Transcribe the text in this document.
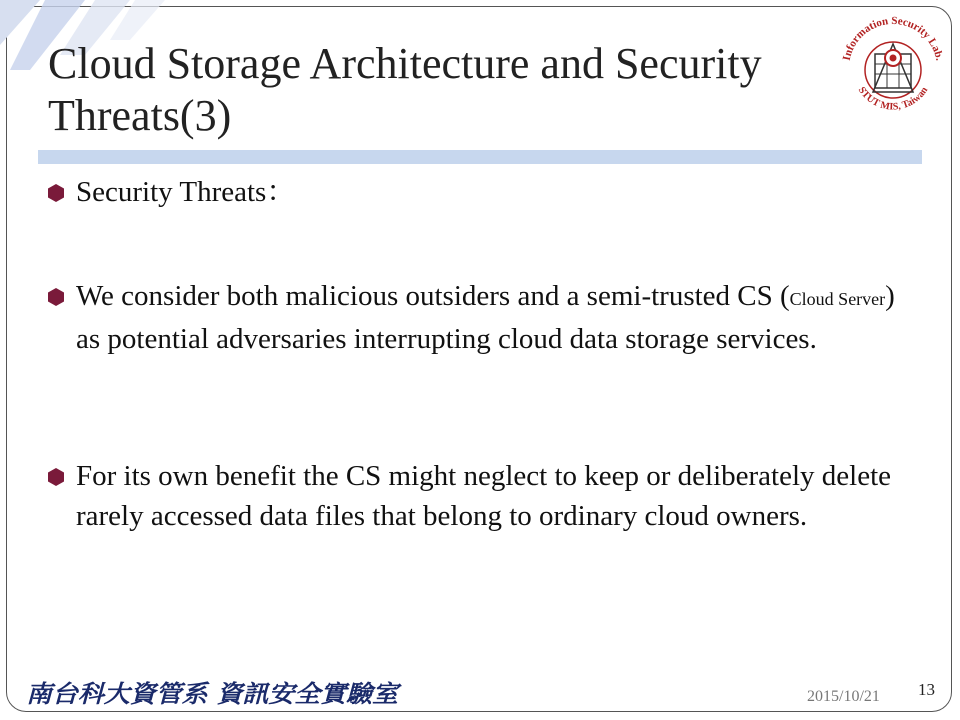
Cloud Storage Architecture and Security Threats(3)
Information Security Lab.
STUT MIS, Taiwan
Security Threats：
We consider both malicious outsiders and a semi-trusted CS (Cloud Server) as potential adversaries interrupting cloud data storage services.
For its own benefit the CS might neglect to keep or deliberately delete rarely accessed data files that belong to ordinary cloud owners.
南台科大資管系 資訊安全實驗室	2015/10/21 13
